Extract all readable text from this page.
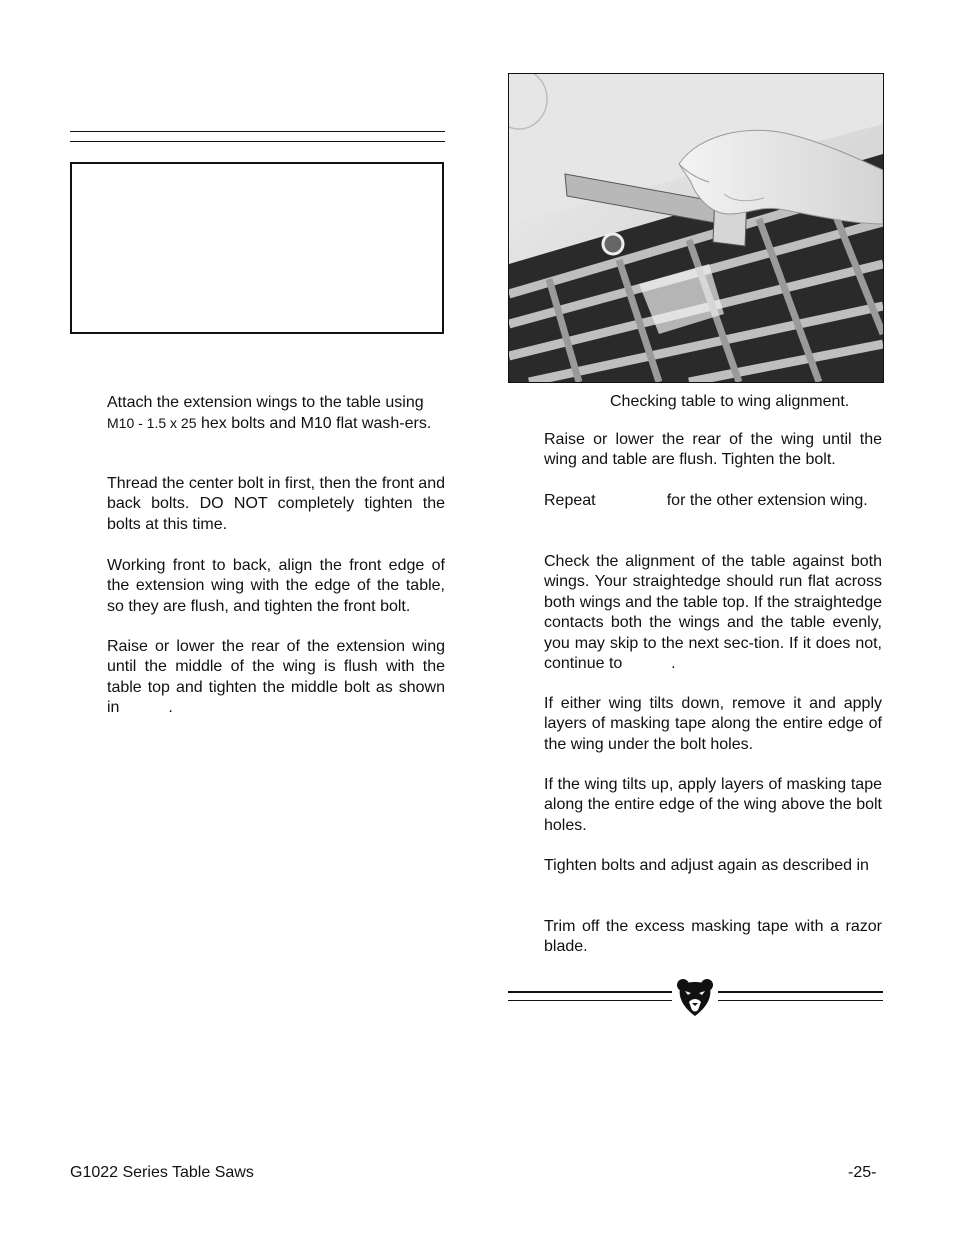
Attach the extension wings to the table using
M10 - 1.5 x 25 hex bolts and M10 flat wash-ers.

Thread the center bolt in first, then the front and back bolts. DO NOT completely tighten the bolts at this time.

Working front to back, align the front edge of the extension wing with the edge of the table, so they are flush, and tighten the front bolt.

Raise or lower the rear of the extension wing until the middle of the wing is flush with the table top and tighten the middle bolt as shown in           .

Checking table to wing alignment.

Raise or lower the rear of the wing until the wing and table are flush. Tighten the bolt.

Repeat                for the other extension wing.

Check the alignment of the table against both wings. Your straightedge should run flat across both wings and the table top. If the straightedge contacts both the wings and the table evenly, you may skip to the next sec-tion. If it does not, continue to           .

If either wing tilts down, remove it and apply layers of masking tape along the entire edge of the wing under the bolt holes.

If the wing tilts up, apply layers of masking tape along the entire edge of the wing above the bolt holes.

Tighten bolts and adjust again as described in

Trim off the excess masking tape with a razor blade.

G1022 Series Table Saws	-25-
